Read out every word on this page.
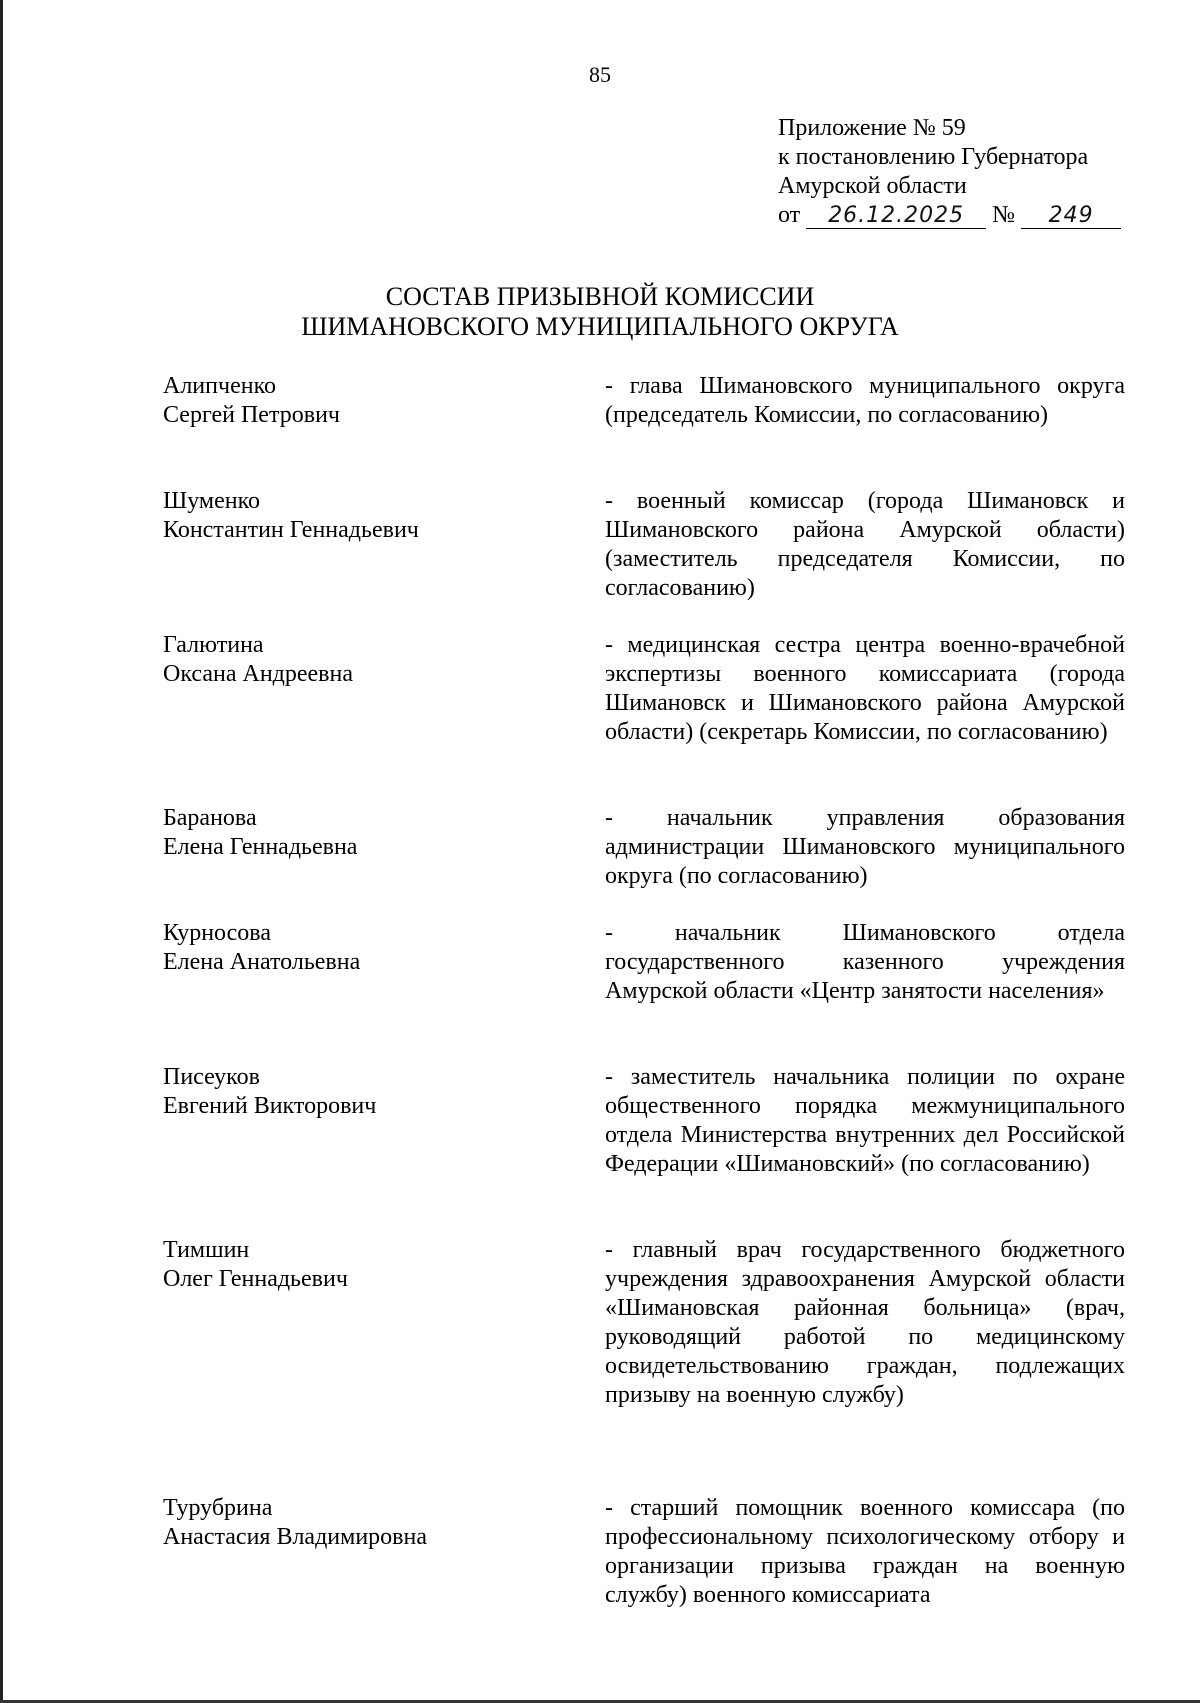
85
Приложение № 59
к постановлению Губернатора
Амурской области
от 26.12.2025 № 249
СОСТАВ ПРИЗЫВНОЙ КОМИССИИ
ШИМАНОВСКОГО МУНИЦИПАЛЬНОГО ОКРУГА
Алипченко
Сергей Петрович
- глава Шимановского муниципального округа (председатель Комиссии, по согласованию)
Шуменко
Константин Геннадьевич
- военный комиссар (города Шимановск и Шимановского района Амурской области) (заместитель председателя Комиссии, по согласованию)
Галютина
Оксана Андреевна
- медицинская сестра центра военно-врачебной экспертизы военного комиссариата (города Шимановск и Шимановского района Амурской области) (секретарь Комиссии, по согласованию)
Баранова
Елена Геннадьевна
- начальник управления образования администрации Шимановского муниципального округа (по согласованию)
Курносова
Елена Анатольевна
- начальник Шимановского отдела государственного казенного учреждения Амурской области «Центр занятости населения»
Писеуков
Евгений Викторович
- заместитель начальника полиции по охране общественного порядка межмуниципального отдела Министерства внутренних дел Российской Федерации «Шимановский» (по согласованию)
Тимшин
Олег Геннадьевич
- главный врач государственного бюджетного учреждения здравоохранения Амурской области «Шимановская районная больница» (врач, руководящий работой по медицинскому освидетельствованию граждан, подлежащих призыву на военную службу)
Турубрина
Анастасия Владимировна
- старший помощник военного комиссара (по профессиональному психологическому отбору и организации призыва граждан на военную службу) военного комиссариата
